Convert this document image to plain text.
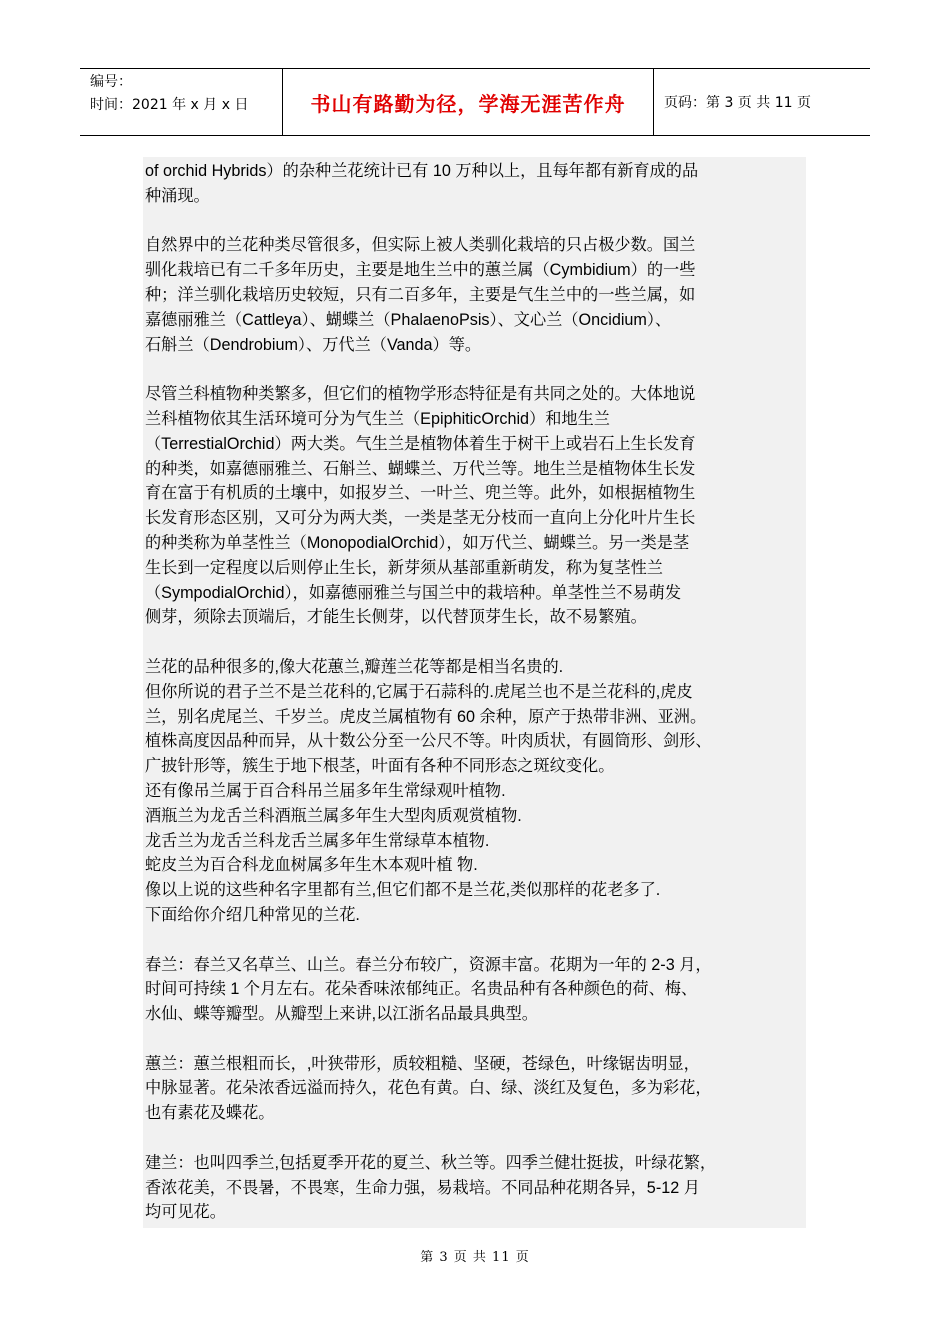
编号：
时间：2021 年 x 月 x 日	书山有路勤为径，学海无涯苦作舟	页码：第 3 页 共 11 页
of orchid Hybrids）的杂种兰花统计已有 10 万种以上，且每年都有新育成的品
种涌现。
自然界中的兰花种类尽管很多，但实际上被人类驯化栽培的只占极少数。国兰
驯化栽培已有二千多年历史，主要是地生兰中的蕙兰属（Cymbidium）的一些
种；洋兰驯化栽培历史较短，只有二百多年，主要是气生兰中的一些兰属，如
嘉德丽雅兰（Cattleya）、蝴蝶兰（PhalaenoPsis）、文心兰（Oncidium）、
石斛兰（Dendrobium）、万代兰（Vanda）等。
尽管兰科植物种类繁多，但它们的植物学形态特征是有共同之处的。大体地说
兰科植物依其生活环境可分为气生兰（EpiphiticOrchid）和地生兰
（TerrestialOrchid）两大类。气生兰是植物体着生于树干上或岩石上生长发育
的种类，如嘉德丽雅兰、石斛兰、蝴蝶兰、万代兰等。地生兰是植物体生长发
育在富于有机质的土壤中，如报岁兰、一叶兰、兜兰等。此外，如根据植物生
长发育形态区别，又可分为两大类，一类是茎无分枝而一直向上分化叶片生长
的种类称为单茎性兰（MonopodialOrchid），如万代兰、蝴蝶兰。另一类是茎
生长到一定程度以后则停止生长，新芽须从基部重新萌发，称为复茎性兰
（SympodialOrchid），如嘉德丽雅兰与国兰中的栽培种。单茎性兰不易萌发
侧芽，须除去顶端后，才能生长侧芽，以代替顶芽生长，故不易繁殖。
兰花的品种很多的,像大花蕙兰,瓣莲兰花等都是相当名贵的.
但你所说的君子兰不是兰花科的,它属于石蒜科的.虎尾兰也不是兰花科的,虎皮
兰，别名虎尾兰、千岁兰。虎皮兰属植物有 60 余种，原产于热带非洲、亚洲。
植株高度因品种而异，从十数公分至一公尺不等。叶肉质状，有圆筒形、剑形、
广披针形等，簇生于地下根茎，叶面有各种不同形态之斑纹变化。
还有像吊兰属于百合科吊兰届多年生常绿观叶植物.
酒瓶兰为龙舌兰科酒瓶兰属多年生大型肉质观赏植物.
龙舌兰为龙舌兰科龙舌兰属多年生常绿草本植物.
蛇皮兰为百合科龙血树属多年生木本观叶植 物.
像以上说的这些种名字里都有兰,但它们都不是兰花,类似那样的花老多了.
下面给你介绍几种常见的兰花.
春兰：春兰又名草兰、山兰。春兰分布较广，资源丰富。花期为一年的 2-3 月，
时间可持续 1 个月左右。花朵香味浓郁纯正。名贵品种有各种颜色的荷、梅、
水仙、蝶等瓣型。从瓣型上来讲,以江浙名品最具典型。
蕙兰：蕙兰根粗而长，,叶狭带形，质较粗糙、坚硬，苍绿色，叶缘锯齿明显，
中脉显著。花朵浓香远溢而持久，花色有黄。白、绿、淡红及复色，多为彩花，
也有素花及蝶花。
建兰：也叫四季兰,包括夏季开花的夏兰、秋兰等。四季兰健壮挺拔，叶绿花繁，
香浓花美，不畏暑，不畏寒，生命力强，易栽培。不同品种花期各异，5-12 月
均可见花。
第 3 页 共 11 页
